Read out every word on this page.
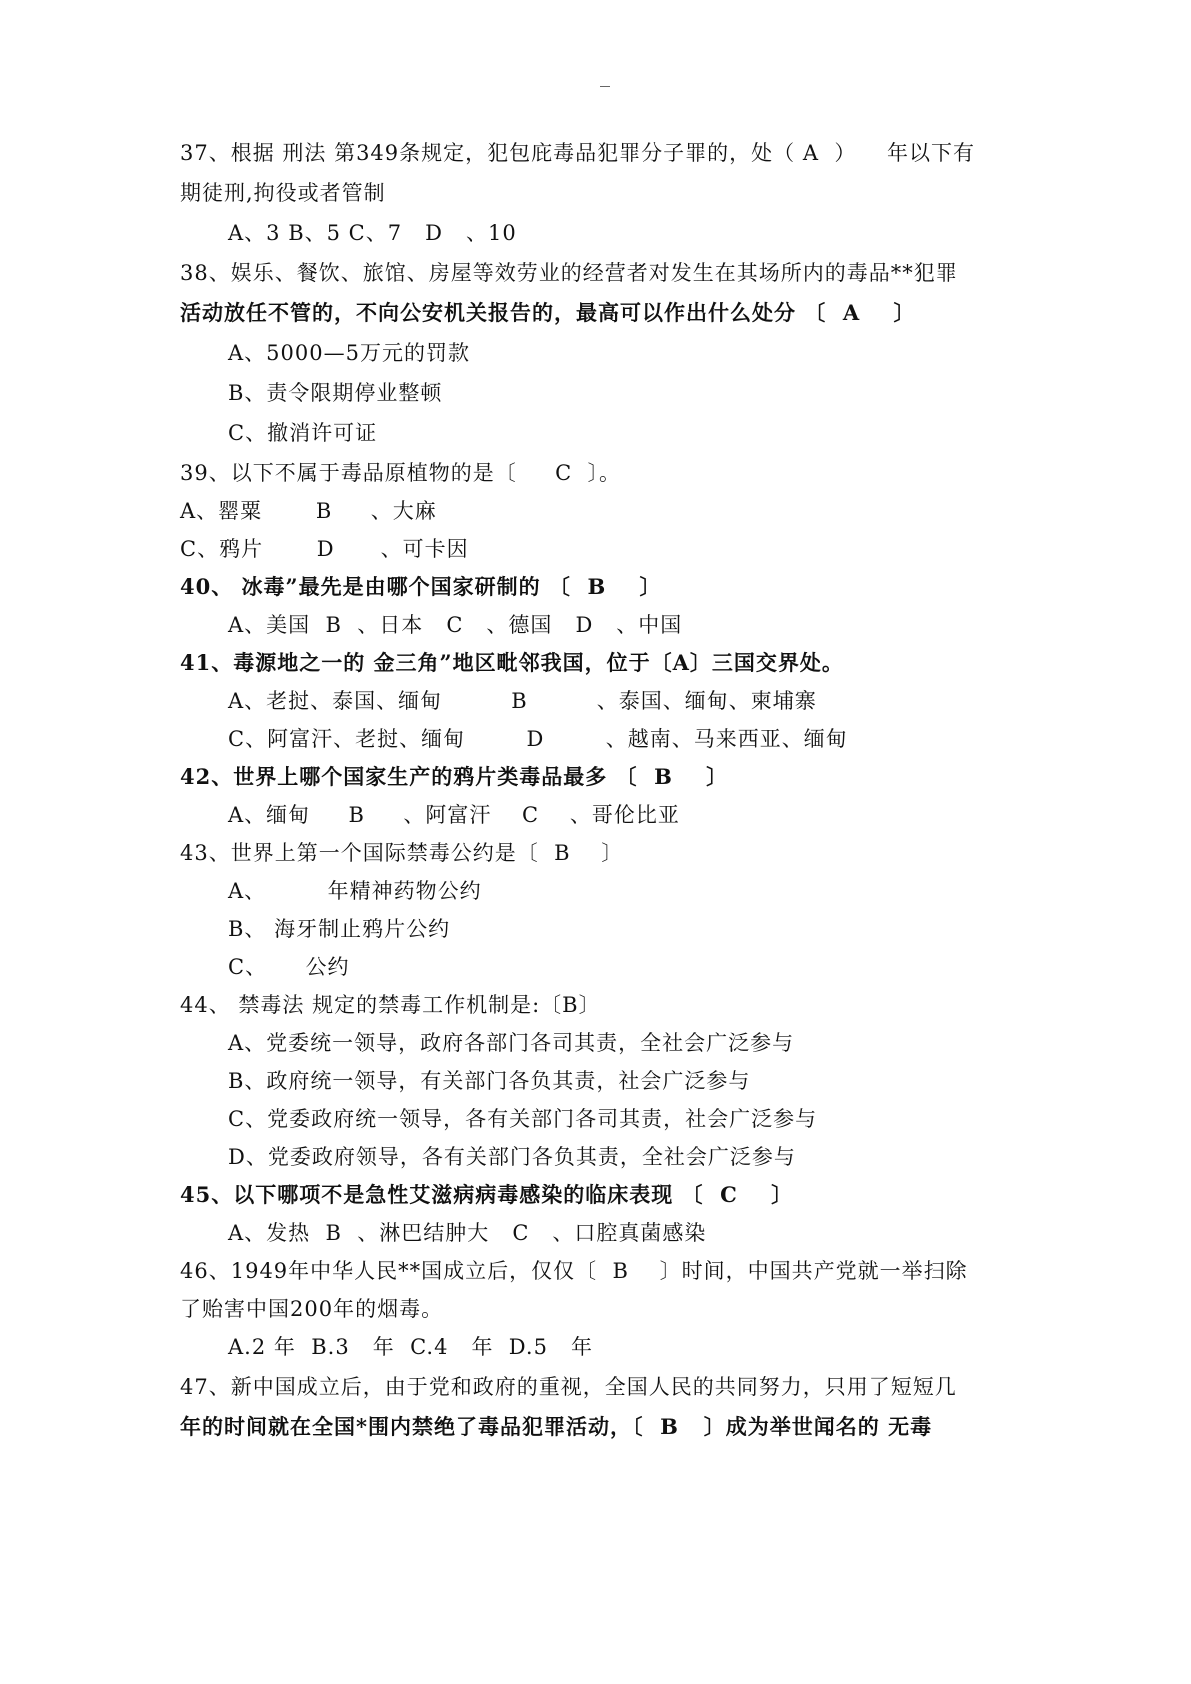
37、根据 刑法 第349条规定，犯包庇毒品犯罪分子罪的，处（ A  ）    年以下有
期徒刑,拘役或者管制
A、3 B、5 C、7   D   、10
38、娱乐、餐饮、旅馆、房屋等效劳业的经营者对发生在其场所内的毒品**犯罪
活动放任不管的，不向公安机关报告的，最高可以作出什么处分 〔  A    〕
A、5000—5万元的罚款
B、责令限期停业整顿
C、撤消许可证
39、以下不属于毒品原植物的是〔     C  〕。
A、罂粟       B     、大麻
C、鸦片       D      、可卡因
40、 冰毒”最先是由哪个国家研制的 〔  B    〕
A、美国  B  、日本   C   、德国   D   、中国
41、毒源地之一的 金三角”地区毗邻我国，位于〔A〕三国交界处。
A、老挝、泰国、缅甸         B         、泰国、缅甸、柬埔寨
C、阿富汗、老挝、缅甸        D        、越南、马来西亚、缅甸
42、世界上哪个国家生产的鸦片类毒品最多 〔  B    〕
A、缅甸     B     、阿富汗    C    、哥伦比亚
43、世界上第一个国际禁毒公约是〔  B    〕
A、        年精神药物公约
B、 海牙制止鸦片公约
C、     公约
44、 禁毒法 规定的禁毒工作机制是:〔B〕
A、党委统一领导，政府各部门各司其责，全社会广泛参与
B、政府统一领导，有关部门各负其责，社会广泛参与
C、党委政府统一领导，各有关部门各司其责，社会广泛参与
D、党委政府领导，各有关部门各负其责，全社会广泛参与
45、以下哪项不是急性艾滋病病毒感染的临床表现 〔  C    〕
A、发热  B  、淋巴结肿大   C   、口腔真菌感染
46、1949年中华人民**国成立后，仅仅〔  B    〕时间，中国共产党就一举扫除
了贻害中国200年的烟毒。
A.2 年  B.3   年  C.4   年  D.5   年
47、新中国成立后，由于党和政府的重视，全国人民的共同努力，只用了短短几
年的时间就在全国*围内禁绝了毒品犯罪活动，〔  B   〕成为举世闻名的 无毒
